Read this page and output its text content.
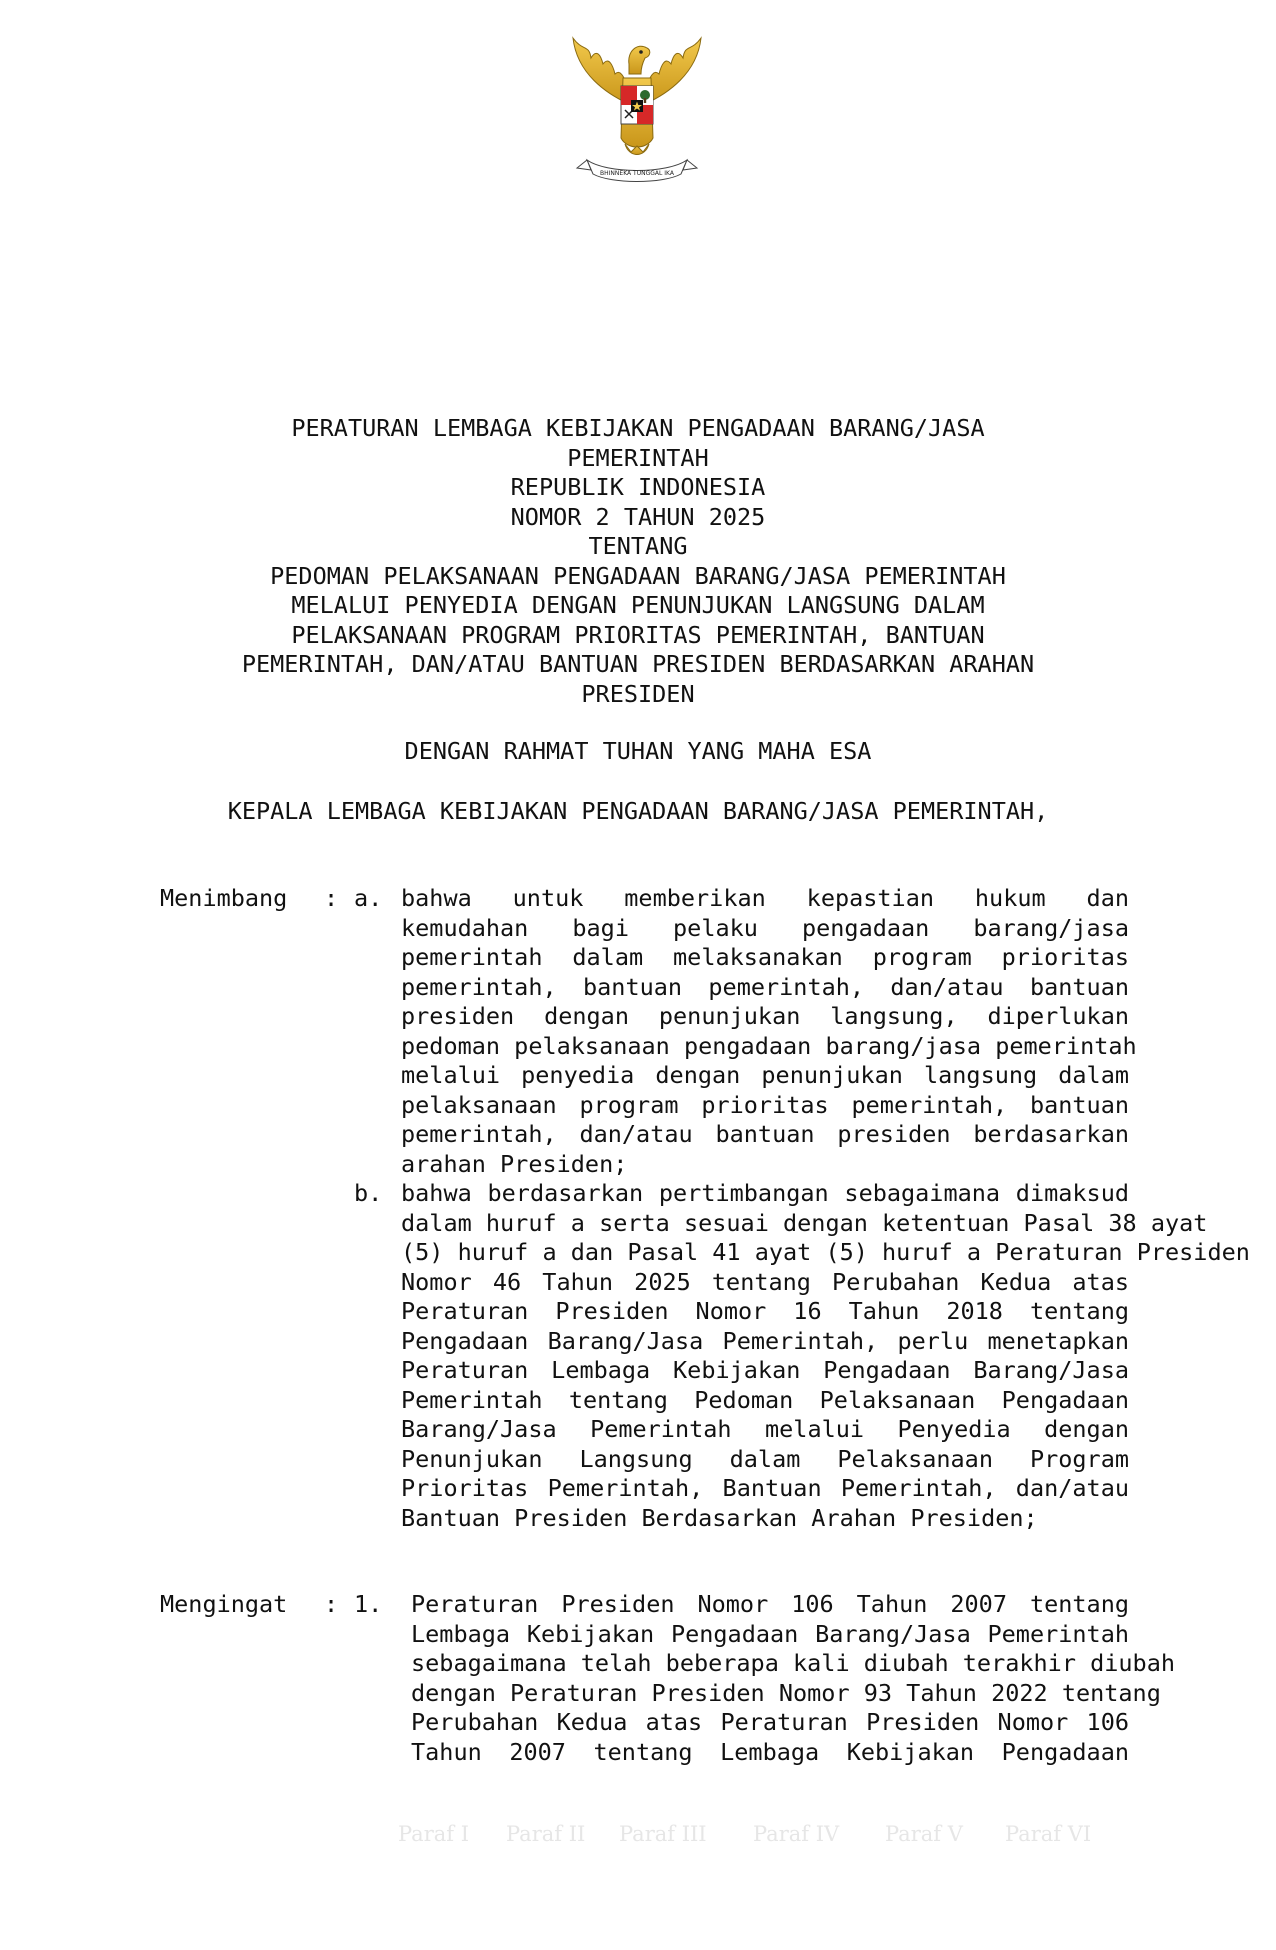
BHINNEKA TUNGGAL IKA
PERATURAN LEMBAGA KEBIJAKAN PENGADAAN BARANG/JASA
PEMERINTAH
REPUBLIK INDONESIA
NOMOR 2 TAHUN 2025
TENTANG
PEDOMAN PELAKSANAAN PENGADAAN BARANG/JASA PEMERINTAH
MELALUI PENYEDIA DENGAN PENUNJUKAN LANGSUNG DALAM
PELAKSANAAN PROGRAM PRIORITAS PEMERINTAH, BANTUAN
PEMERINTAH, DAN/ATAU BANTUAN PRESIDEN BERDASARKAN ARAHAN
PRESIDEN
DENGAN RAHMAT TUHAN YANG MAHA ESA
KEPALA LEMBAGA KEBIJAKAN PENGADAAN BARANG/JASA PEMERINTAH,
Menimbang : a. bahwa untuk memberikan kepastian hukum dan
kemudahan bagi pelaku pengadaan barang/jasa
pemerintah dalam melaksanakan program prioritas
pemerintah, bantuan pemerintah, dan/atau bantuan
presiden dengan penunjukan langsung, diperlukan
pedoman pelaksanaan pengadaan barang/jasa pemerintah
melalui penyedia dengan penunjukan langsung dalam
pelaksanaan program prioritas pemerintah, bantuan
pemerintah, dan/atau bantuan presiden berdasarkan
arahan Presiden;
b. bahwa berdasarkan pertimbangan sebagaimana dimaksud
dalam huruf a serta sesuai dengan ketentuan Pasal 38 ayat
(5) huruf a dan Pasal 41 ayat (5) huruf a Peraturan Presiden
Nomor 46 Tahun 2025 tentang Perubahan Kedua atas
Peraturan Presiden Nomor 16 Tahun 2018 tentang
Pengadaan Barang/Jasa Pemerintah, perlu menetapkan
Peraturan Lembaga Kebijakan Pengadaan Barang/Jasa
Pemerintah tentang Pedoman Pelaksanaan Pengadaan
Barang/Jasa Pemerintah melalui Penyedia dengan
Penunjukan Langsung dalam Pelaksanaan Program
Prioritas Pemerintah, Bantuan Pemerintah, dan/atau
Bantuan Presiden Berdasarkan Arahan Presiden;
Mengingat : 1. Peraturan Presiden Nomor 106 Tahun 2007 tentang
Lembaga Kebijakan Pengadaan Barang/Jasa Pemerintah
sebagaimana telah beberapa kali diubah terakhir diubah
dengan Peraturan Presiden Nomor 93 Tahun 2022 tentang
Perubahan Kedua atas Peraturan Presiden Nomor 106
Tahun 2007 tentang Lembaga Kebijakan Pengadaan
Paraf I Paraf II Paraf III Paraf IV Paraf V Paraf VI
